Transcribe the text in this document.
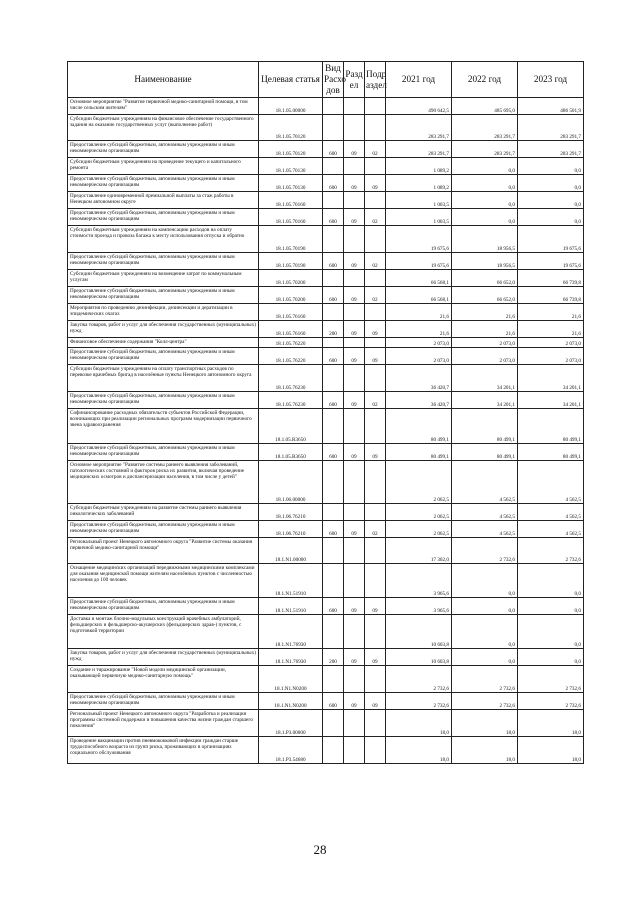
Наименование	Целевая статья	Вид Расхо дов	Разд ел	Подр аздел	2021 год	2022 год	2023 год
Основное мероприятие "Развитие первичной медико-санитарной помощи, в том числе сельским жителям"	18.1.05.00000				490 642,5	485 695,0	486 501,9
Субсидии бюджетным учреждениям на финансовое обеспечение государственного задания на оказание государственных услуг (выполнение работ)	18.1.05.70120				283 291,7	283 291,7	283 291,7
Предоставление субсидий бюджетным, автономным учреждениям и иным некоммерческим организациям	18.1.05.70120	600	09	02	283 291,7	283 291,7	283 291,7
Субсидии бюджетным учреждениям на проведение текущего и капитального ремонта	18.1.05.70130				1 089,2	0,0	0,0
Предоставление субсидий бюджетным, автономным учреждениям и иным некоммерческим организациям	18.1.05.70130	600	09	09	1 089,2	0,0	0,0
Предоставление единовременной премиальной выплаты за стаж работы в Ненецком автономном округе	18.1.05.70160				1 003,5	0,0	0,0
Предоставление субсидий бюджетным, автономным учреждениям и иным некоммерческим организациям	18.1.05.70160	600	09	02	1 003,5	0,0	0,0
Субсидии бюджетным учреждениям на компенсацию расходов на оплату стоимости проезда и провоза багажа к месту использования отпуска и обратно	18.1.05.70190				19 675,6	18 956,5	19 675,6
Предоставление субсидий бюджетным, автономным учреждениям и иным некоммерческим организациям	18.1.05.70190	600	09	02	19 675,6	18 956,5	19 675,6
Субсидии бюджетным учреждениям на возмещение затрат по коммунальным услугам	18.1.05.70200				66 568,1	66 652,0	66 739,8
Предоставление субсидий бюджетным, автономным учреждениям и иным некоммерческим организациям	18.1.05.70200	600	09	02	66 568,1	66 652,0	66 739,8
Мероприятия по проведению дезинфекции, дезинсекции и дератизации в эпидемических очагах	18.1.05.76160				21,6	21,6	21,6
Закупка товаров, работ и услуг для обеспечения государственных (муниципальных) нужд	18.1.05.76160	200	09	09	21,6	21,6	21,6
Финансовое обеспечение содержания "Колл-центра"	18.1.05.76220				2 073,0	2 073,0	2 073,0
Предоставление субсидий бюджетным, автономным учреждениям и иным некоммерческим организациям	18.1.05.76220	600	09	09	2 073,0	2 073,0	2 073,0
Субсидии бюджетным учреждениям на оплату транспортных расходов по перевозке врачебных бригад в населённые пункты Ненецкого автономного округа	18.1.05.76230				36 420,7	34 201,1	34 201,1
Предоставление субсидий бюджетным, автономным учреждениям и иным некоммерческим организациям	18.1.05.76230	600	09	02	36 420,7	34 201,1	34 201,1
Софинансирование расходных обязательств субъектов Российской Федерации, возникающих при реализации региональных программ модернизации первичного звена здравоохранения	18.1.05.R3650				80 499,1	80 499,1	80 499,1
Предоставление субсидий бюджетным, автономным учреждениям и иным некоммерческим организациям	18.1.05.R3650	600	09	09	80 499,1	80 499,1	80 499,1
Основное мероприятие "Развитие системы раннего выявления заболеваний, патологических состояний и факторов риска их развития, включая проведение медицинских осмотров и диспансеризации населения, в том числе у детей"	18.1.06.00000				2 062,5	4 562,5	4 562,5
Субсидии бюджетным учреждениям на развитие системы раннего выявления онкологических заболеваний	18.1.06.76210				2 062,5	4 562,5	4 562,5
Предоставление субсидий бюджетным, автономным учреждениям и иным некоммерческим организациям	18.1.06.76210	600	09	02	2 062,5	4 562,5	4 562,5
Региональный проект Ненецкого автономного округа "Развитие системы оказания первичной медико-санитарной помощи"	18.1.N1.00000				17 302,0	2 732,6	2 732,6
Оснащение медицинских организаций передвижными медицинскими комплексами для оказания медицинской помощи жителям населённых пунктов с численностью населения до 100 человек	18.1.N1.51910				3 965,6	0,0	0,0
Предоставление субсидий бюджетным, автономным учреждениям и иным некоммерческим организациям	18.1.N1.51910	600	09	09	3 965,6	0,0	0,0
Доставка и монтаж блочно-модульных конструкций врачебных амбулаторий, фельдшерских и фельдшерско-акушерских (фельдшерских здрав-) пунктов, с подготовкой территории	18.1.N1.76930				10 603,8	0,0	0,0
Закупка товаров, работ и услуг для обеспечения государственных (муниципальных) нужд	18.1.N1.76930	200	09	09	10 603,8	0,0	0,0
Создание и тиражирование "Новой модели медицинской организации, оказывающей первичную медико-санитарную помощь"	18.1.N1.N0200				2 732,6	2 732,6	2 732,6
Предоставление субсидий бюджетным, автономным учреждениям и иным некоммерческим организациям	18.1.N1.N0200	600	09	09	2 732,6	2 732,6	2 732,6
Региональный проект Ненецкого автономного округа "Разработка и реализация программы системной поддержки и повышения качества жизни граждан старшего поколения"	18.1.P3.00000				18,0	18,0	18,0
Проведение вакцинации против пневмококковой инфекции граждан старше трудоспособного возраста из групп риска, проживающих в организациях социального обслуживания	18.1.P3.54680				18,0	18,0	18,0
28
